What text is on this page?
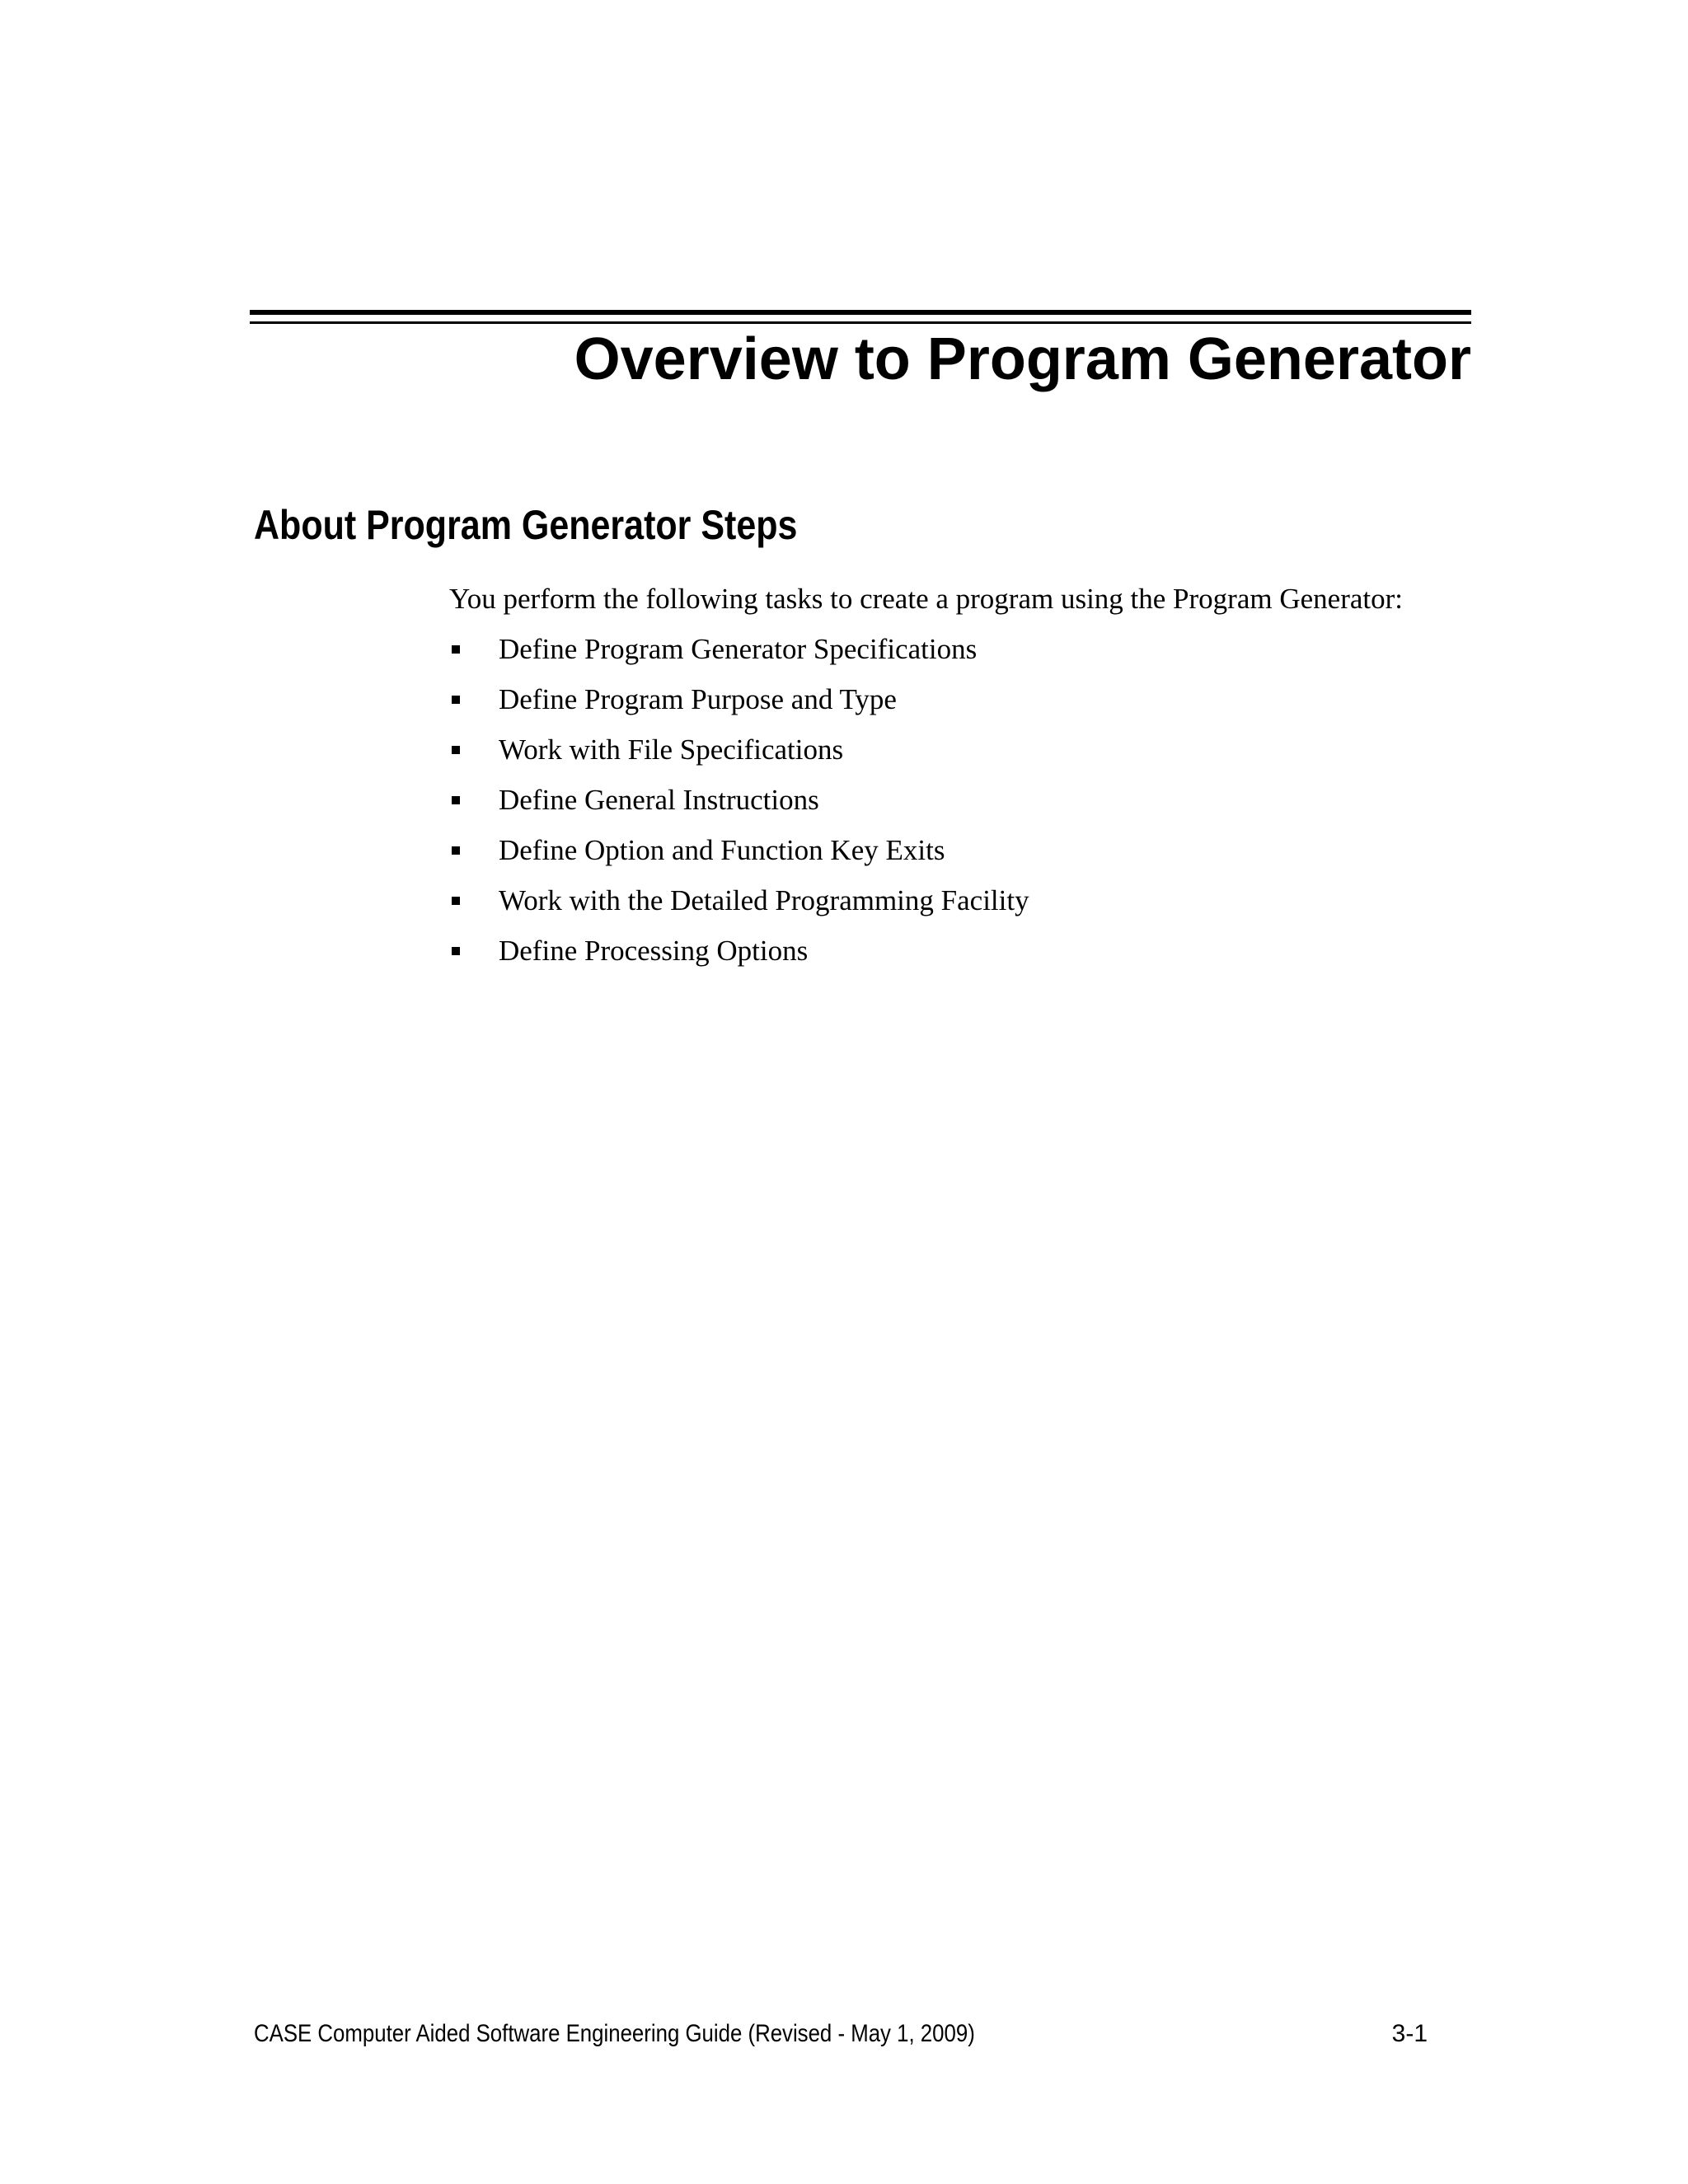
Overview to Program Generator
About Program Generator Steps

You perform the following tasks to create a program using the Program Generator:

Define Program Generator Specifications
Define Program Purpose and Type
Work with File Specifications
Define General Instructions
Define Option and Function Key Exits
Work with the Detailed Programming Facility
Define Processing Options
CASE Computer Aided Software Engineering Guide (Revised - May 1, 2009)	3-1
